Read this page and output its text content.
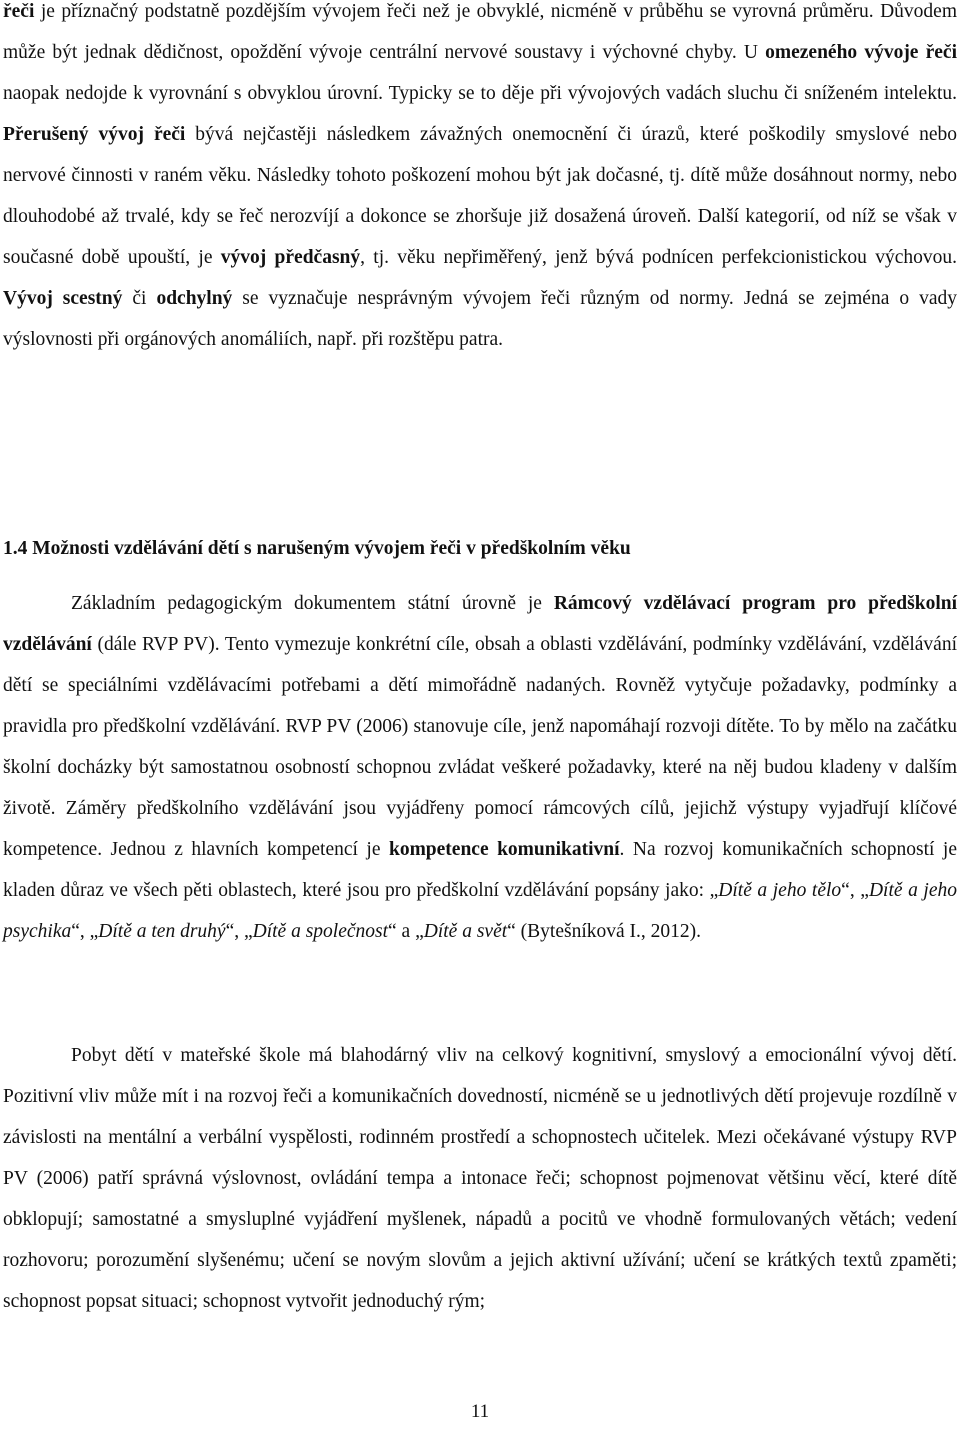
řeči je příznačný podstatně pozdějším vývojem řeči než je obvyklé, nicméně v průběhu se vyrovná průměru. Důvodem může být jednak dědičnost, opoždění vývoje centrální nervové soustavy i výchovné chyby. U omezeného vývoje řeči naopak nedojde k vyrovnání s obvyklou úrovní. Typicky se to děje při vývojových vadách sluchu či sníženém intelektu. Přerušený vývoj řeči bývá nejčastěji následkem závažných onemocnění či úrazů, které poškodily smyslové nebo nervové činnosti v raném věku. Následky tohoto poškození mohou být jak dočasné, tj. dítě může dosáhnout normy, nebo dlouhodobé až trvalé, kdy se řeč nerozvíjí a dokonce se zhoršuje již dosažená úroveň. Další kategorií, od níž se však v současné době upouští, je vývoj předčasný, tj. věku nepřiměřený, jenž bývá podnícen perfekcionistickou výchovou. Vývoj scestný či odchylný se vyznačuje nesprávným vývojem řeči různým od normy. Jedná se zejména o vady výslovnosti při orgánových anomáliích, např. při rozštěpu patra.

1.4 Možnosti vzdělávání dětí s narušeným vývojem řeči v předškolním věku

Základním pedagogickým dokumentem státní úrovně je Rámcový vzdělávací program pro předškolní vzdělávání (dále RVP PV). Tento vymezuje konkrétní cíle, obsah a oblasti vzdělávání, podmínky vzdělávání, vzdělávání dětí se speciálními vzdělávacími potřebami a dětí mimořádně nadaných. Rovněž vytyčuje požadavky, podmínky a pravidla pro předškolní vzdělávání. RVP PV (2006) stanovuje cíle, jenž napomáhají rozvoji dítěte. To by mělo na začátku školní docházky být samostatnou osobností schopnou zvládat veškeré požadavky, které na něj budou kladeny v dalším životě. Záměry předškolního vzdělávání jsou vyjádřeny pomocí rámcových cílů, jejichž výstupy vyjadřují klíčové kompetence. Jednou z hlavních kompetencí je kompetence komunikativní. Na rozvoj komunikačních schopností je kladen důraz ve všech pěti oblastech, které jsou pro předškolní vzdělávání popsány jako: „Dítě a jeho tělo“, „Dítě a jeho psychika“, „Dítě a ten druhý“, „Dítě a společnost“ a „Dítě a svět“ (Bytešníková I., 2012).

Pobyt dětí v mateřské škole má blahodárný vliv na celkový kognitivní, smyslový a emocionální vývoj dětí. Pozitivní vliv může mít i na rozvoj řeči a komunikačních dovedností, nicméně se u jednotlivých dětí projevuje rozdílně v závislosti na mentální a verbální vyspělosti, rodinném prostředí a schopnostech učitelek. Mezi očekávané výstupy RVP PV (2006) patří správná výslovnost, ovládání tempa a intonace řeči; schopnost pojmenovat většinu věcí, které dítě obklopují; samostatné a smysluplné vyjádření myšlenek, nápadů a pocitů ve vhodně formulovaných větách; vedení rozhovoru; porozumění slyšenému; učení se novým slovům a jejich aktivní užívání; učení se krátkých textů zpaměti; schopnost popsat situaci; schopnost vytvořit jednoduchý rým;

11
